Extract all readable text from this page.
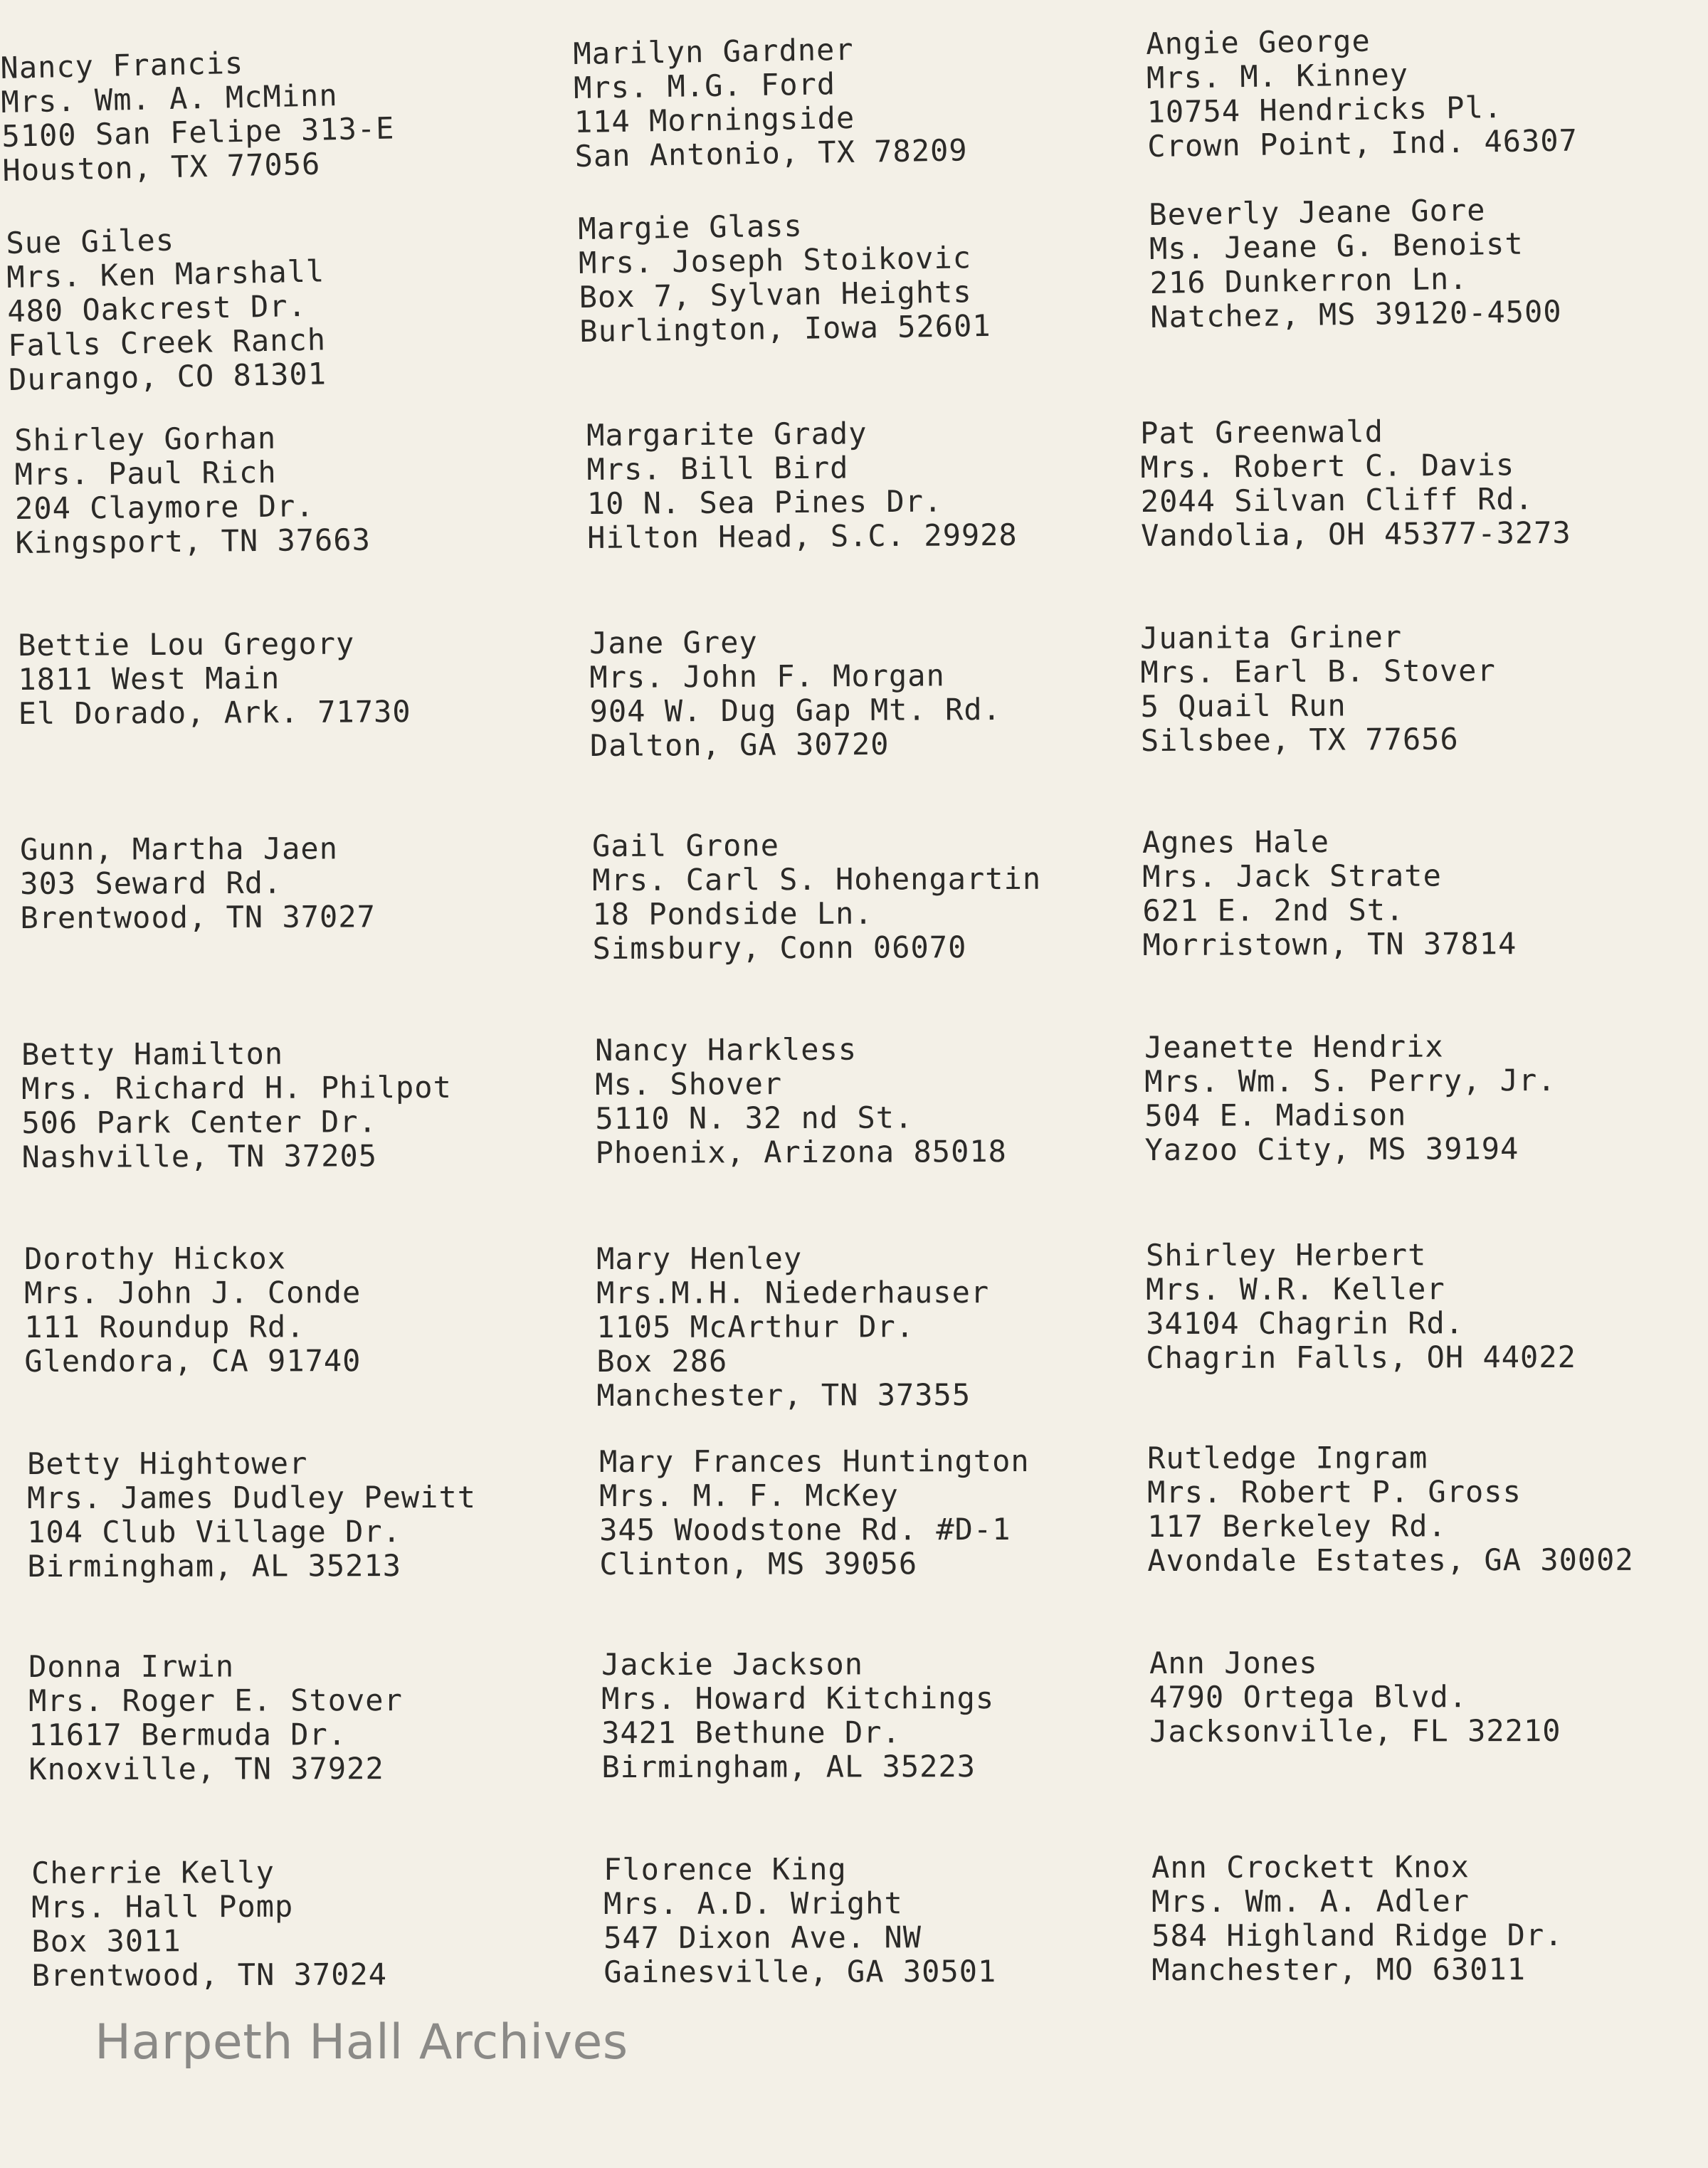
Nancy Francis
Mrs. Wm. A. McMinn
5100 San Felipe 313-E
Houston, TX 77056
Marilyn Gardner
Mrs. M.G. Ford
114 Morningside
San Antonio, TX 78209
Angie George
Mrs. M. Kinney
10754 Hendricks Pl.
Crown Point, Ind. 46307
Sue Giles
Mrs. Ken Marshall
480 Oakcrest Dr.
Falls Creek Ranch
Durango, CO 81301
Margie Glass
Mrs. Joseph Stoikovic
Box 7, Sylvan Heights
Burlington, Iowa 52601
Beverly Jeane Gore
Ms. Jeane G. Benoist
216 Dunkerron Ln.
Natchez, MS 39120-4500
Shirley Gorhan
Mrs. Paul Rich
204 Claymore Dr.
Kingsport, TN 37663
Margarite Grady
Mrs. Bill Bird
10 N. Sea Pines Dr.
Hilton Head, S.C. 29928
Pat Greenwald
Mrs. Robert C. Davis
2044 Silvan Cliff Rd.
Vandolia, OH 45377-3273
Bettie Lou Gregory
1811 West Main
El Dorado, Ark. 71730
Jane Grey
Mrs. John F. Morgan
904 W. Dug Gap Mt. Rd.
Dalton, GA 30720
Juanita Griner
Mrs. Earl B. Stover
5 Quail Run
Silsbee, TX 77656
Gunn, Martha Jaen
303 Seward Rd.
Brentwood, TN 37027
Gail Grone
Mrs. Carl S. Hohengartin
18 Pondside Ln.
Simsbury, Conn 06070
Agnes Hale
Mrs. Jack Strate
621 E. 2nd St.
Morristown, TN 37814
Betty Hamilton
Mrs. Richard H. Philpot
506 Park Center Dr.
Nashville, TN 37205
Nancy Harkless
Ms. Shover
5110 N. 32 nd St.
Phoenix, Arizona 85018
Jeanette Hendrix
Mrs. Wm. S. Perry, Jr.
504 E. Madison
Yazoo City, MS 39194
Dorothy Hickox
Mrs. John J. Conde
111 Roundup Rd.
Glendora, CA 91740
Mary Henley
Mrs.M.H. Niederhauser
1105 McArthur Dr.
Box 286
Manchester, TN 37355
Shirley Herbert
Mrs. W.R. Keller
34104 Chagrin Rd.
Chagrin Falls, OH 44022
Betty Hightower
Mrs. James Dudley Pewitt
104 Club Village Dr.
Birmingham, AL 35213
Mary Frances Huntington
Mrs. M. F. McKey
345 Woodstone Rd. #D-1
Clinton, MS 39056
Rutledge Ingram
Mrs. Robert P. Gross
117 Berkeley Rd.
Avondale Estates, GA 30002
Donna Irwin
Mrs. Roger E. Stover
11617 Bermuda Dr.
Knoxville, TN 37922
Jackie Jackson
Mrs. Howard Kitchings
3421 Bethune Dr.
Birmingham, AL 35223
Ann Jones
4790 Ortega Blvd.
Jacksonville, FL 32210
Cherrie Kelly
Mrs. Hall Pomp
Box 3011
Brentwood, TN 37024
Florence King
Mrs. A.D. Wright
547 Dixon Ave. NW
Gainesville, GA 30501
Ann Crockett Knox
Mrs. Wm. A. Adler
584 Highland Ridge Dr.
Manchester, MO 63011
Harpeth Hall Archives
